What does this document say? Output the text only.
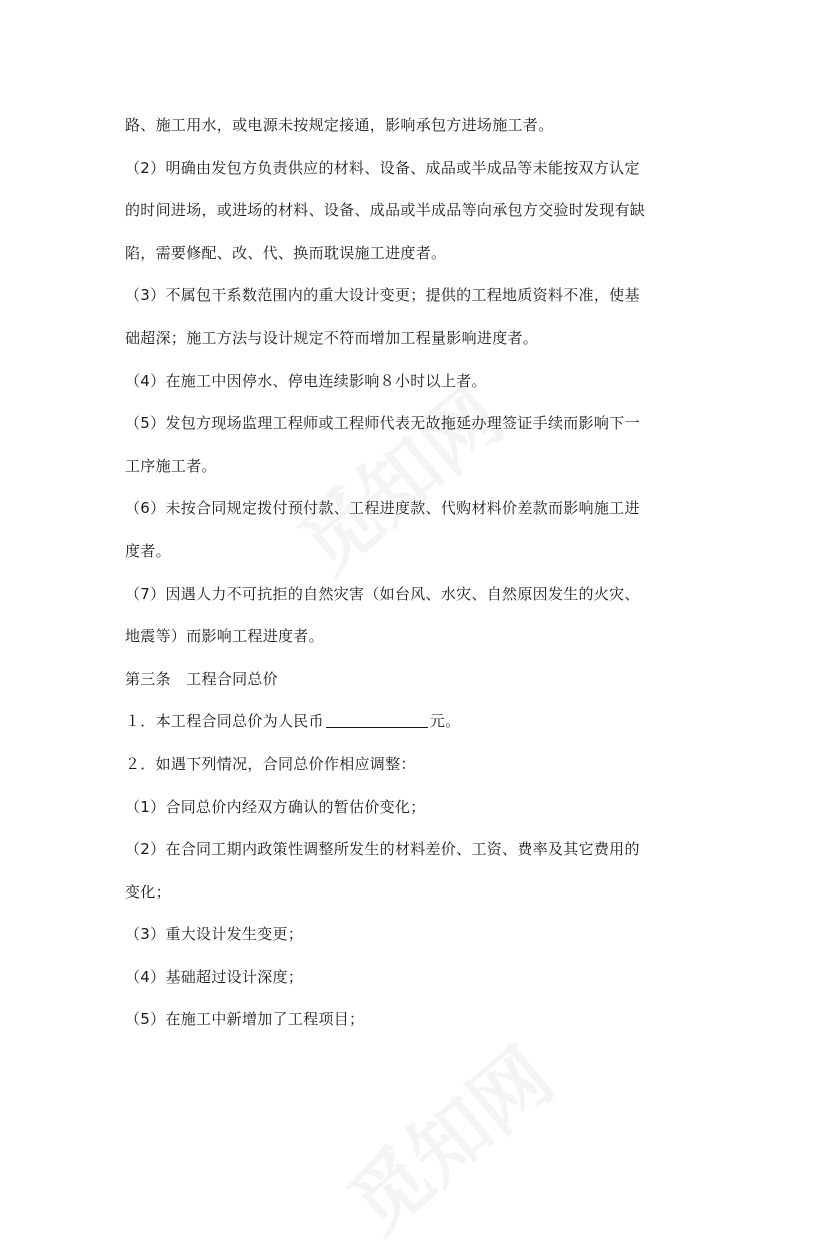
路、施工用水，或电源未按规定接通，影响承包方进场施工者。
（2）明确由发包方负责供应的材料、设备、成品或半成品等未能按双方认定
的时间进场，或进场的材料、设备、成品或半成品等向承包方交验时发现有缺
陷，需要修配、改、代、换而耽误施工进度者。
（3）不属包干系数范围内的重大设计变更；提供的工程地质资料不准，使基
础超深；施工方法与设计规定不符而增加工程量影响进度者。
（4）在施工中因停水、停电连续影响８小时以上者。
（5）发包方现场监理工程师或工程师代表无故拖延办理签证手续而影响下一
工序施工者。
（6）未按合同规定拨付预付款、工程进度款、代购材料价差款而影响施工进
度者。
（7）因遇人力不可抗拒的自然灾害（如台风、水灾、自然原因发生的火灾、
地震等）而影响工程进度者。
第三条　工程合同总价
１．本工程合同总价为人民币	元。
２．如遇下列情况，合同总价作相应调整：
（1）合同总价内经双方确认的暂估价变化；
（2）在合同工期内政策性调整所发生的材料差价、工资、费率及其它费用的
变化；
（3）重大设计发生变更；
（4）基础超过设计深度；
（5）在施工中新增加了工程项目；
